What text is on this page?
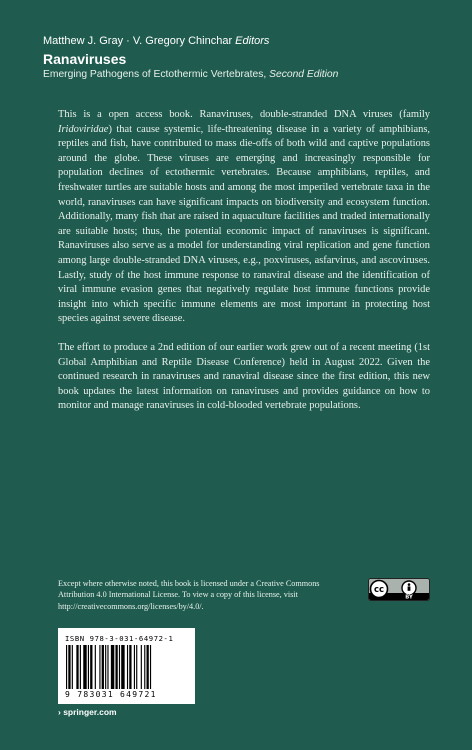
Matthew J. Gray · V. Gregory Chinchar Editors
Ranaviruses
Emerging Pathogens of Ectothermic Vertebrates, Second Edition

This is a open access book. Ranaviruses, double-stranded DNA viruses (family Iridoviridae) that cause systemic, life-threatening disease in a variety of amphibians, reptiles and fish, have contributed to mass die-offs of both wild and captive populations around the globe. These viruses are emerging and increasingly responsible for population declines of ectothermic vertebrates. Because amphibians, reptiles, and freshwater turtles are suitable hosts and among the most imperiled vertebrate taxa in the world, ranaviruses can have significant impacts on biodiversity and ecosystem function. Additionally, many fish that are raised in aquaculture facilities and traded internationally are suitable hosts; thus, the potential economic impact of ranaviruses is significant. Ranaviruses also serve as a model for understanding viral replication and gene function among large double-stranded DNA viruses, e.g., poxviruses, asfarvirus, and ascoviruses. Lastly, study of the host immune response to ranaviral disease and the identification of viral immune evasion genes that negatively regulate host immune functions provide insight into which specific immune elements are most important in protecting host species against severe disease.

The effort to produce a 2nd edition of our earlier work grew out of a recent meeting (1st Global Amphibian and Reptile Disease Conference) held in August 2022. Given the continued research in ranaviruses and ranaviral disease since the first edition, this new book updates the latest information on ranaviruses and provides guidance on how to monitor and manage ranaviruses in cold-blooded vertebrate populations.

Except where otherwise noted, this book is licensed under a Creative Commons Attribution 4.0 International License. To view a copy of this license, visit http://creativecommons.org/licenses/by/4.0/.
cc
BY
ISBN 978-3-031-64972-1
9 783031 649721
› springer.com
